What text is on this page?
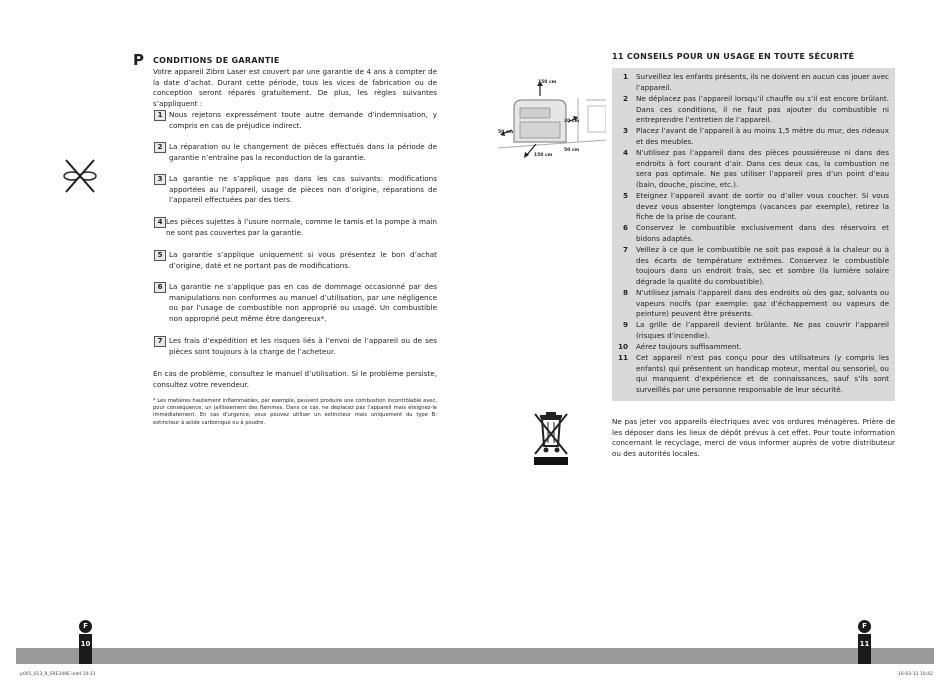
P CONDITIONS DE GARANTIE
Votre appareil Zibro Laser est couvert par une garantie de 4 ans à compter de la date d’achat. Durant cette période, tous les vices de fabrication ou de conception seront réparés gratuitement. De plus, les règles suivantes s’appliquent :
1 Nous rejetons expressément toute autre demande d’indemnisation, y compris en cas de préjudice indirect.
2 La réparation ou le changement de pièces effectués dans la période de garantie n’entraîne pas la reconduction de la garantie.
3 La garantie ne s’applique pas dans les cas suivants: modifications apportées au l’appareil, usage de pièces non d’origine, réparations de l’appareil effectuées par des tiers.
4 Les pièces sujettes à l’usure normale, comme le tamis et la pompe à main ne sont pas couvertes par la garantie.
5 La garantie s’applique uniquement si vous présentez le bon d’achat d’origine, daté et ne portant pas de modifications.
6 La garantie ne s’applique pas en cas de dommage occasionné par des manipulations non conformes au manuel d’utilisation, par une négligence ou par l’usage de combustible non approprié ou usagé. Un combustible non approprié peut même être dangereux*.
7 Les frais d’expédition et les risques liés à l’envoi de l’appareil ou de ses pièces sont toujours à la charge de l’acheteur.
En cas de problème, consultez le manuel d’utilisation. Si le problème persiste, consultez votre revendeur.
* Les matières hautement inflammables, par exemple, peuvent produire une combustion incontrôlable avec, pour conséquence, un jaillissement des flammes. Dans ce cas, ne déplacez pas l’appareil mais éteignez-le immédiatement. En cas d’urgence, vous pouvez utiliser un extincteur mais uniquement du type B: extincteur à acide carbonique ou à poudre.
11 CONSEILS POUR UN USAGE EN TOUTE SÉCURITÉ
150 cm
50 cm
20 cm
150 cm
50 cm
1 Surveillez les enfants présents, ils ne doivent en aucun cas jouer avec l’appareil.
2 Ne déplacez pas l’appareil lorsqu’il chauffe ou s’il est encore brûlant. Dans ces conditions, il ne faut pas ajouter du combustible ni entreprendre l’entretien de l’appareil.
3 Placez l’avant de l’appareil à au moins 1,5 mètre du mur, des rideaux et des meubles.
4 N’utilisez pas l’appareil dans des pièces poussiéreuse ni dans des endroits à fort courant d’air. Dans ces deux cas, la combustion ne sera pas optimale. Ne pas utiliser l’appareil pres d’un point d’eau (bain, douche, piscine, etc.).
5 Eteignez l’appareil avant de sortir ou d’aller vous coucher. Si vous devez vous absenter longtemps (vacances par exemple), retirez la fiche de la prise de courant.
6 Conservez le combustible exclusivement dans des réservoirs et bidons adaptés.
7 Veillez à ce que le combustible ne soit pas exposé à la chaleur ou à des écarts de température extrêmes. Conservez le combustible toujours dans un endroit frais, sec et sombre (la lumière solaire dégrade la qualité du combustible).
8 N’utilisez jamais l’appareil dans des endroits où des gaz, solvants ou vapeurs nocifs (par exemple: gaz d’échappement ou vapeurs de peinture) peuvent être présents.
9 La grille de l’appareil devient brûlante. Ne pas couvrir l’appareil (risques d’incendie).
10 Aérez toujours suffisamment.
11 Cet appareil n’est pas conçu pour des utilisateurs (y compris les enfants) qui présentent un handicap moteur, mental ou sensoriel, ou qui manquent d’expérience et de connaissances, sauf s’ils sont surveillés par une personne responsable de leur sécurité.
Ne pas jeter vos appareils électriques avec vos ordures ménagères. Prière de les déposer dans les lieux de dépôt prévus à cet effet. Pour toute information concernant le recyclage, merci de vous informer auprès de votre distributeur ou des autorités locales.
F
10
F
11
p001_013_9_SRE349E.indd 10-11	16-03-11 10:42
